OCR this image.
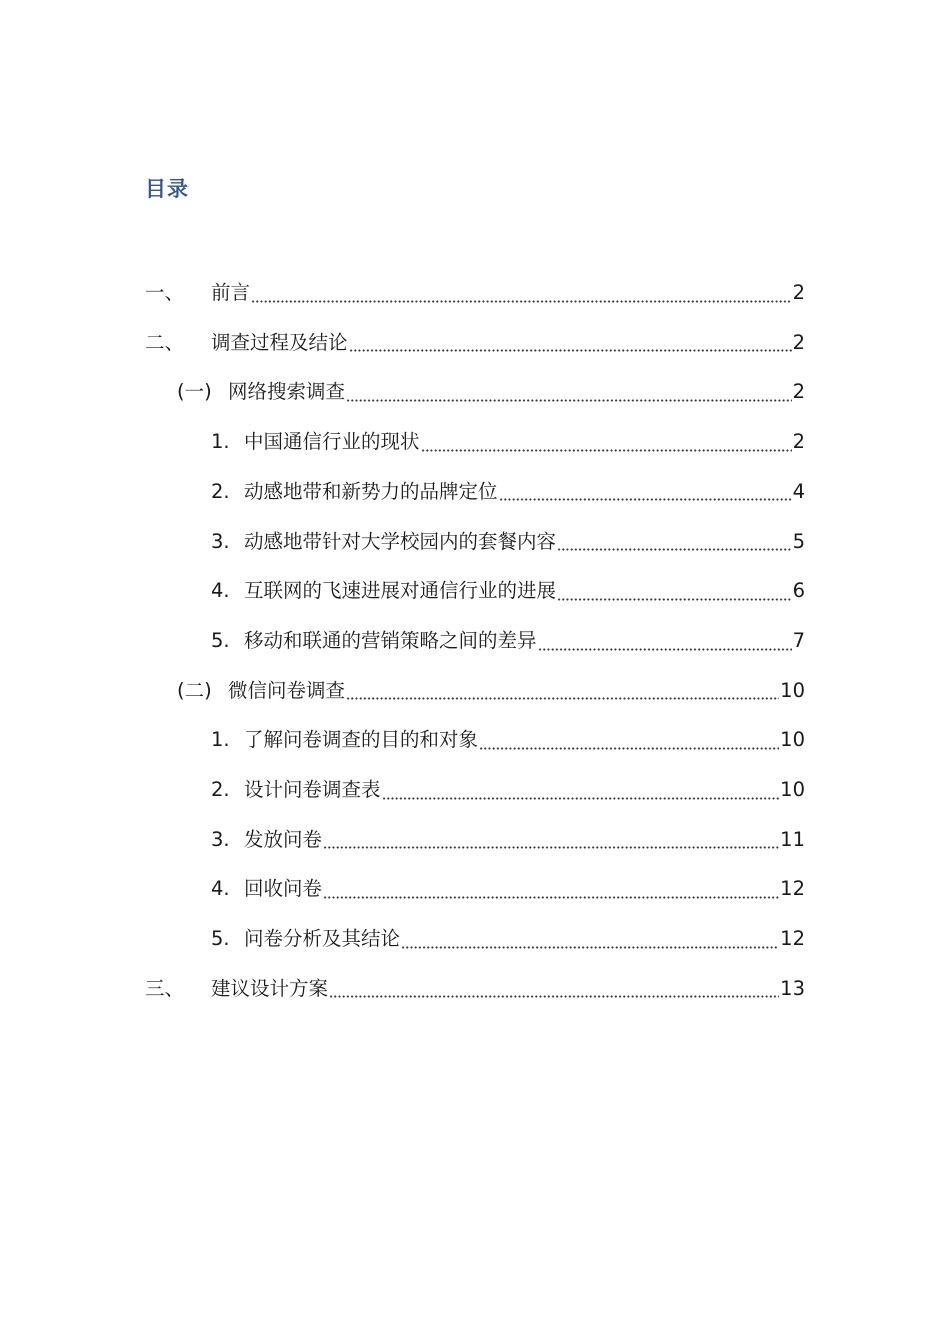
目录
一、	前言	2
二、	调查过程及结论	2
(一) 网络搜索调查	2
1. 中国通信行业的现状	2
2. 动感地带和新势力的品牌定位	4
3. 动感地带针对大学校园内的套餐内容	5
4. 互联网的飞速进展对通信行业的进展	6
5. 移动和联通的营销策略之间的差异	7
(二) 微信问卷调查	10
1. 了解问卷调查的目的和对象	10
2. 设计问卷调查表	10
3. 发放问卷	11
4. 回收问卷	12
5. 问卷分析及其结论	12
三、	建议设计方案	13
